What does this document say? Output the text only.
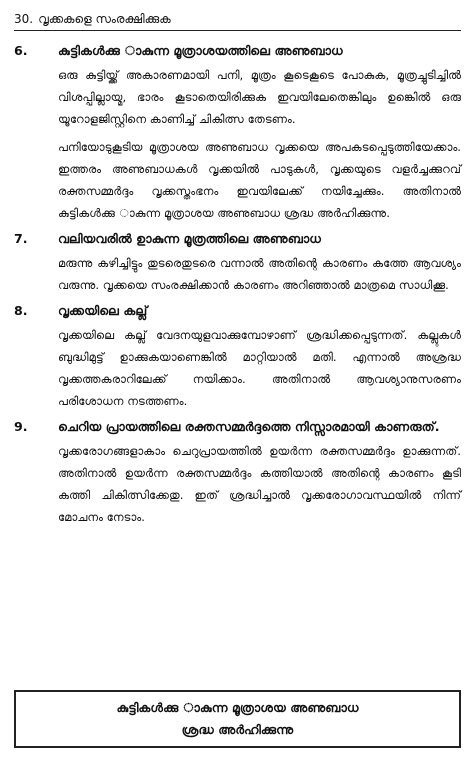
30. വൃക്കകളെ സംരക്ഷിക്കുക
6.	കുട്ടികൾക്കു ാകുന്ന മൂത്രാശയത്തിലെ അണുബാധ
ഒരു കുട്ടിയ്ക്ക് അകാരണമായി പനി, മൂത്രം കൂടെകൂടെ പോകുക, മൂത്രച്ചുടിച്ചിൽ വിശപ്പില്ലായ്മ, ഭാരം കൂടാതെയിരിക്കുക ഇവയിലേതെങ്കിലും ഉങ്കെിൽ ഒരു യൂറോളജിസ്റ്റിനെ കാണിച്ച് ചികിത്സ തേടണം.
പനിയോടുകൂടിയ മൂത്രാശയ അണുബാധ വൃക്കയെ അപകടപ്പെടുത്തിയേക്കാം. ഇത്തരം അണുബാധകൾ വൃക്കയിൽ പാടുകൾ, വൃക്കയുടെ വളർച്ചക്കുറവ് രക്തസമ്മർദ്ദം വൃക്കസ്തംഭനം ഇവയിലേക്ക് നയിച്ചേക്കും. അതിനാൽ കുട്ടികൾക്കു ാകുന്ന മൂത്രാശയ അണുബാധ ശ്രദ്ധ അർഹിക്കുന്നു.
7.	വലിയവരിൽ ഉാകുന്ന മൂത്രത്തിലെ അണുബാധ
മരുന്നു കഴിച്ചിട്ടും തുടരെതുടരെ വന്നാൽ അതിന്റെ കാരണം കത്തേ ആവശ്യം വരുന്നു. വൃക്കയെ സംരക്ഷിക്കാൻ കാരണം അറിഞ്ഞാൽ മാത്രമെ സാധിക്കൂ.
8.	വൃക്കയിലെ കല്ല്
വൃക്കയിലെ കല്ല് വേദനയുളവാക്കുമ്പോഴാണ് ശ്രദ്ധിക്കപ്പെടുന്നത്. കല്ലുകൾ ബുദ്ധിമുട്ട് ഉാക്കുകയാണെങ്കിൽ മാറ്റിയാൽ മതി. എന്നാൽ അശ്രദ്ധ വൃക്കത്തകരാറിലേക്ക് നയിക്കാം. അതിനാൽ ആവശ്യാനുസരണം പരിശോധന നടത്തണം.
9.	ചെറിയ പ്രായത്തിലെ രക്തസമ്മർദ്ദത്തെ നിസ്സാരമായി കാണരുത്.
വൃക്കരോഗങ്ങളാകാം ചെറുപ്രായത്തിൽ ഉയർന്ന രക്തസമ്മർദ്ദം ഉാക്കുന്നത്. അതിനാൽ ഉയർന്ന രക്തസമ്മർദ്ദം കത്തിയാൽ അതിന്റെ കാരണം കൂടി കത്തി ചികിത്സിക്കേതു. ഇത് ശ്രദ്ധിച്ചാൽ വൃക്കരോഗാവസ്ഥയിൽ നിന്ന് മോചനം നേടാം.
കുട്ടികൾക്കു ാകുന്ന മൂത്രാശയ അണുബാധ
ശ്രദ്ധ അർഹിക്കുന്നു
